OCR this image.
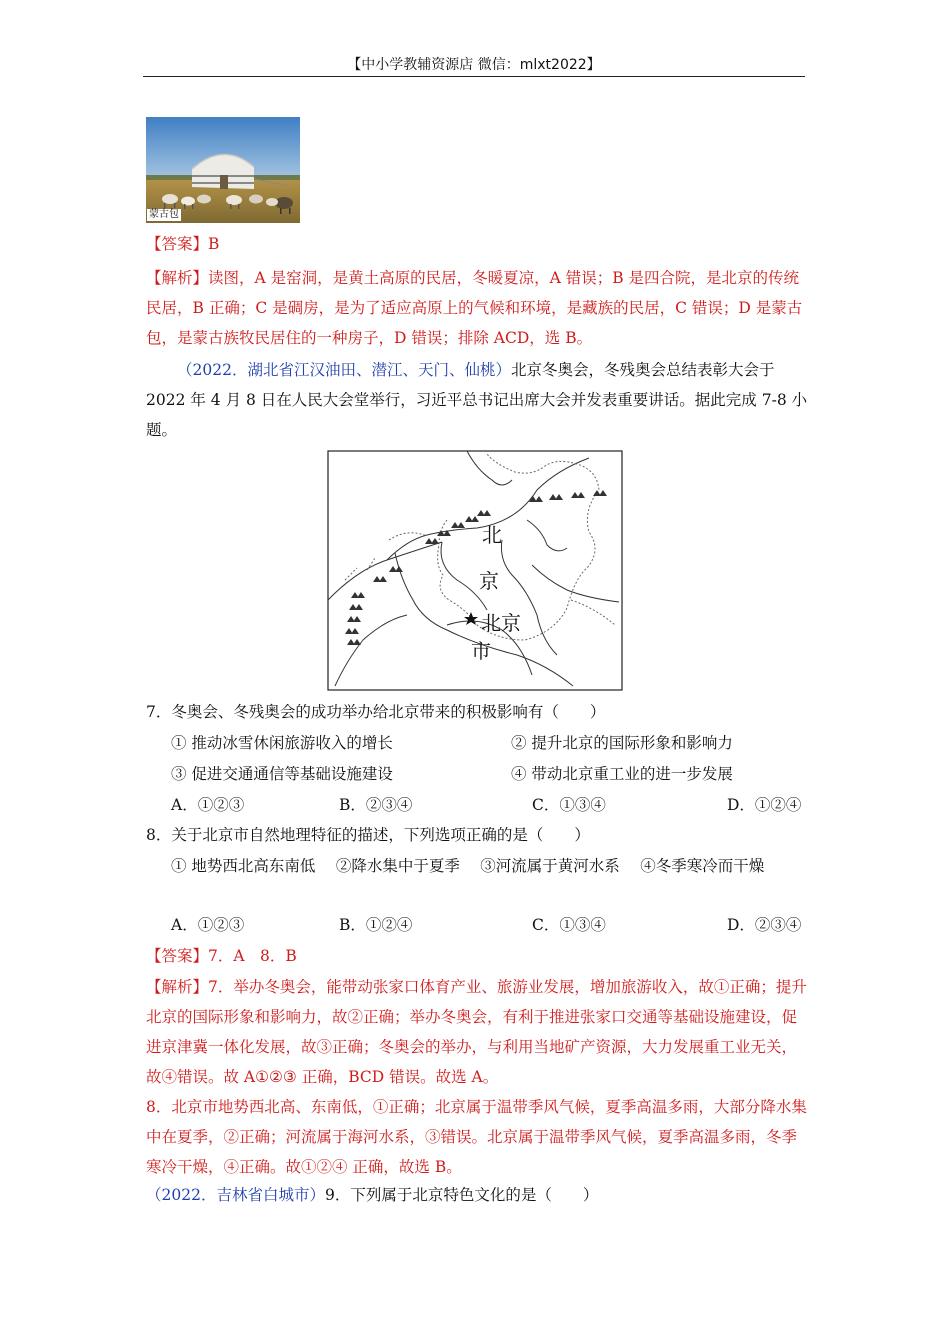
【中小学教辅资源店 微信：mlxt2022】
蒙古包

【答案】B

【解析】读图，A 是窑洞，是黄土高原的民居，冬暖夏凉，A 错误；B 是四合院，是北京的传统民居，B 正确；C 是碉房，是为了适应高原上的气候和环境，是藏族的民居，C 错误；D 是蒙古包，是蒙古族牧民居住的一种房子，D 错误；排除 ACD，选 B。

（2022．湖北省江汉油田、潜江、天门、仙桃）北京冬奥会，冬残奥会总结表彰大会于 2022 年 4 月 8 日在人民大会堂举行，习近平总书记出席大会并发表重要讲话。据此完成 7-8 小题。

北
京
北京
市

7．冬奥会、冬残奥会的成功举办给北京带来的积极影响有（　　）

① 推动冰雪休闲旅游收入的增长	② 提升北京的国际形象和影响力
③ 促进交通通信等基础设施建设	④ 带动北京重工业的进一步发展
A．①②③	B．②③④	C．①③④	D．①②④

8．关于北京市自然地理特征的描述，下列选项正确的是（　　）

① 地势西北高东南低　 ②降水集中于夏季　 ③河流属于黄河水系　 ④冬季寒冷而干燥

A．①②③	B．①②④	C．①③④	D．②③④

【答案】7．A　8．B

【解析】7．举办冬奥会，能带动张家口体育产业、旅游业发展，增加旅游收入，故①正确；提升北京的国际形象和影响力，故②正确；举办冬奥会，有利于推进张家口交通等基础设施建设，促进京津冀一体化发展，故③正确；冬奥会的举办，与利用当地矿产资源，大力发展重工业无关，故④错误。故 A①②③ 正确，BCD 错误。故选 A。

8．北京市地势西北高、东南低，①正确；北京属于温带季风气候，夏季高温多雨，大部分降水集中在夏季，②正确；河流属于海河水系，③错误。北京属于温带季风气候，夏季高温多雨，冬季寒冷干燥，④正确。故①②④ 正确，故选 B。

（2022．吉林省白城市）9．下列属于北京特色文化的是（　　）
